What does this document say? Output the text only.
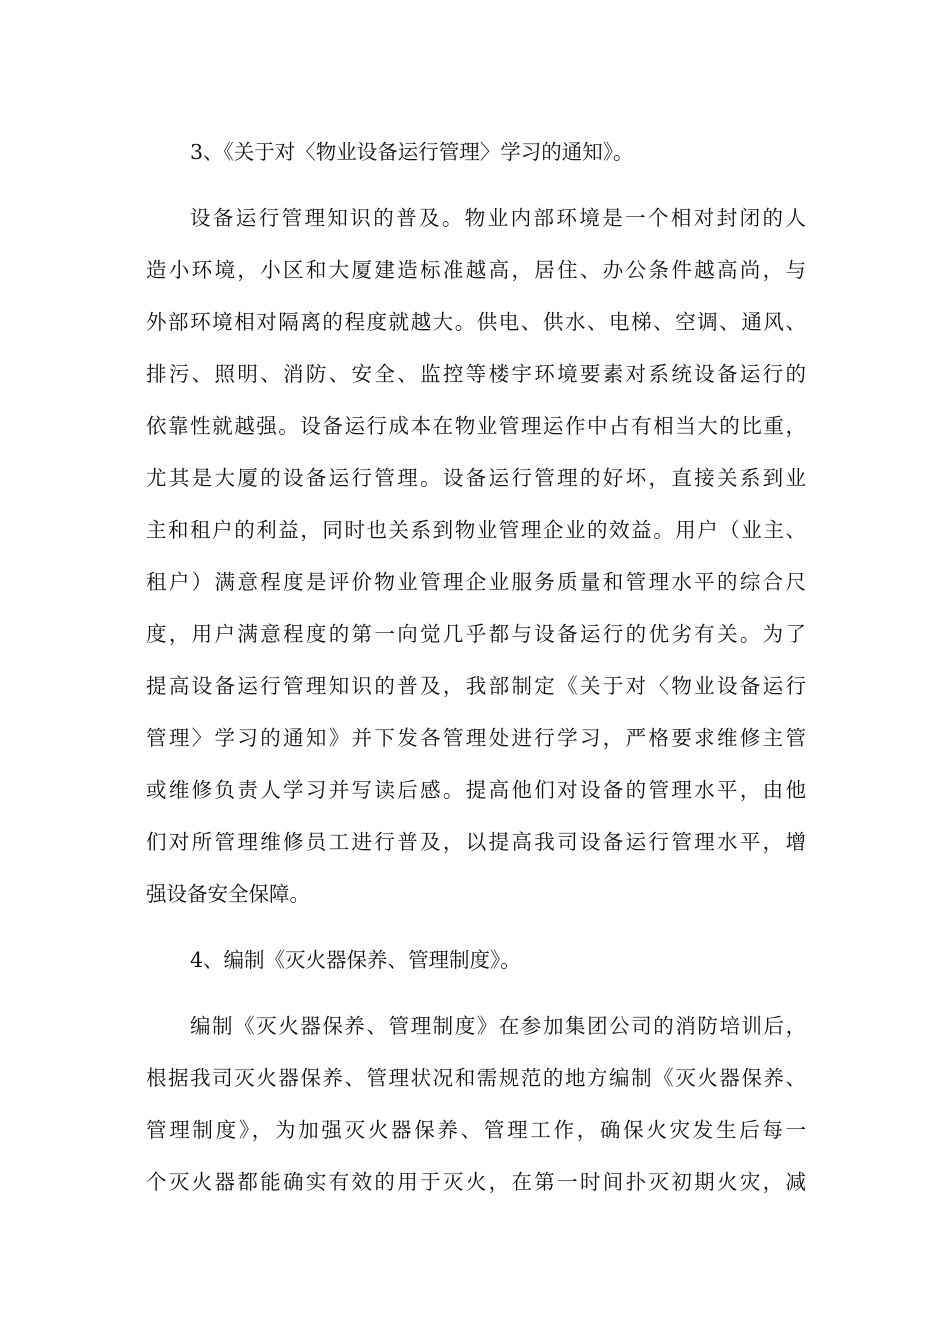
3、《关于对〈物业设备运行管理〉学习的通知》。
设备运行管理知识的普及。物业内部环境是一个相对封闭的人
造小环境，小区和大厦建造标准越高，居住、办公条件越高尚，与
外部环境相对隔离的程度就越大。供电、供水、电梯、空调、通风、
排污、照明、消防、安全、监控等楼宇环境要素对系统设备运行的
依靠性就越强。设备运行成本在物业管理运作中占有相当大的比重，
尤其是大厦的设备运行管理。设备运行管理的好坏，直接关系到业
主和租户的利益，同时也关系到物业管理企业的效益。用户（业主、
租户）满意程度是评价物业管理企业服务质量和管理水平的综合尺
度，用户满意程度的第一向觉几乎都与设备运行的优劣有关。为了
提高设备运行管理知识的普及，我部制定《关于对〈物业设备运行
管理〉学习的通知》并下发各管理处进行学习，严格要求维修主管
或维修负责人学习并写读后感。提高他们对设备的管理水平，由他
们对所管理维修员工进行普及，以提高我司设备运行管理水平，增
强设备安全保障。
4、编制《灭火器保养、管理制度》。
编制《灭火器保养、管理制度》在参加集团公司的消防培训后，
根据我司灭火器保养、管理状况和需规范的地方编制《灭火器保养、
管理制度》，为加强灭火器保养、管理工作，确保火灾发生后每一
个灭火器都能确实有效的用于灭火，在第一时间扑灭初期火灾，减
